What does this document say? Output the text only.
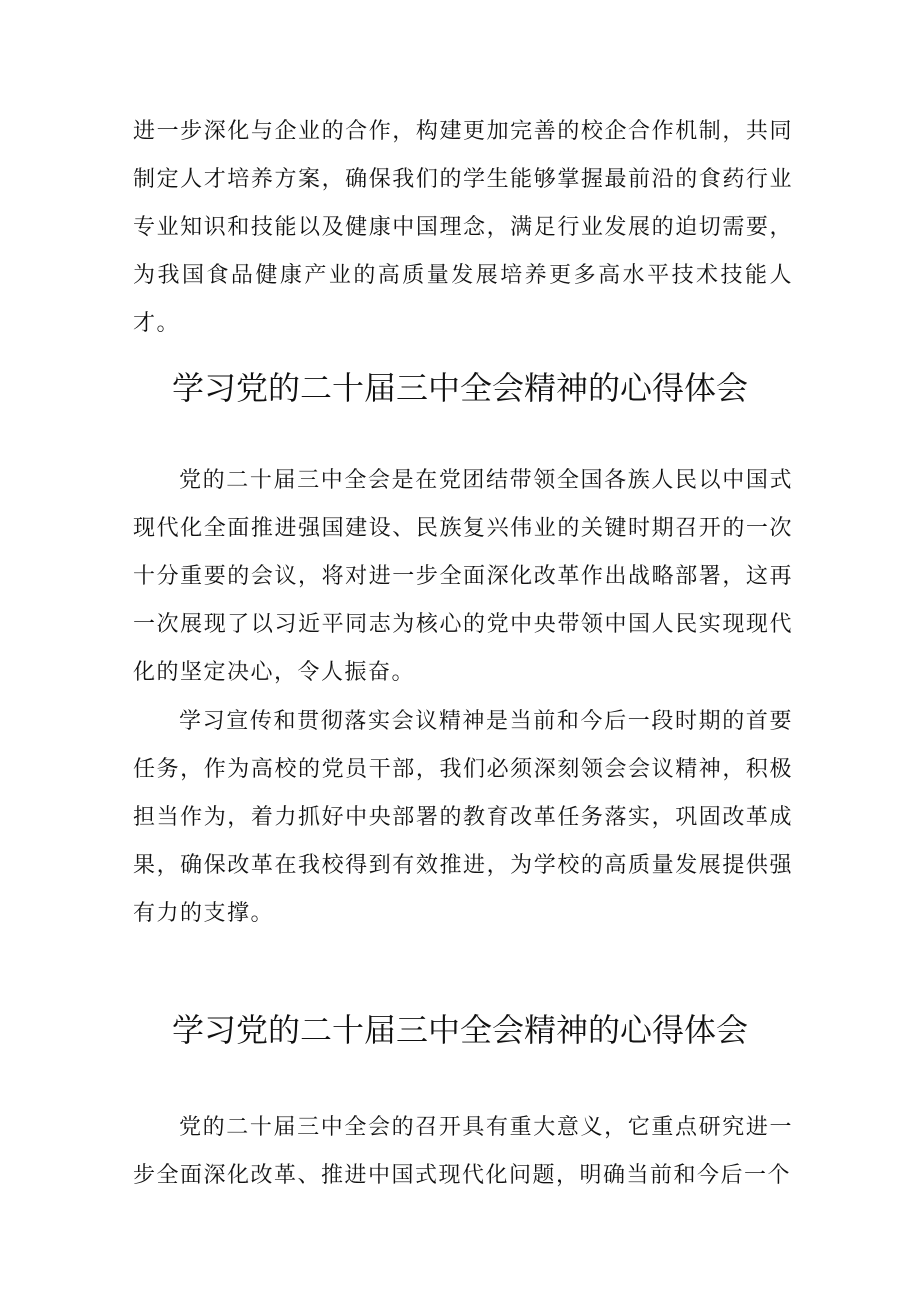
进一步深化与企业的合作，构建更加完善的校企合作机制，共同制定人才培养方案，确保我们的学生能够掌握最前沿的食药行业专业知识和技能以及健康中国理念，满足行业发展的迫切需要，为我国食品健康产业的高质量发展培养更多高水平技术技能人才。

学习党的二十届三中全会精神的心得体会

党的二十届三中全会是在党团结带领全国各族人民以中国式现代化全面推进强国建设、民族复兴伟业的关键时期召开的一次十分重要的会议，将对进一步全面深化改革作出战略部署，这再一次展现了以习近平同志为核心的党中央带领中国人民实现现代化的坚定决心，令人振奋。

学习宣传和贯彻落实会议精神是当前和今后一段时期的首要任务，作为高校的党员干部，我们必须深刻领会会议精神，积极担当作为，着力抓好中央部署的教育改革任务落实，巩固改革成果，确保改革在我校得到有效推进，为学校的高质量发展提供强有力的支撑。

学习党的二十届三中全会精神的心得体会

党的二十届三中全会的召开具有重大意义，它重点研究进一步全面深化改革、推进中国式现代化问题，明确当前和今后一个
